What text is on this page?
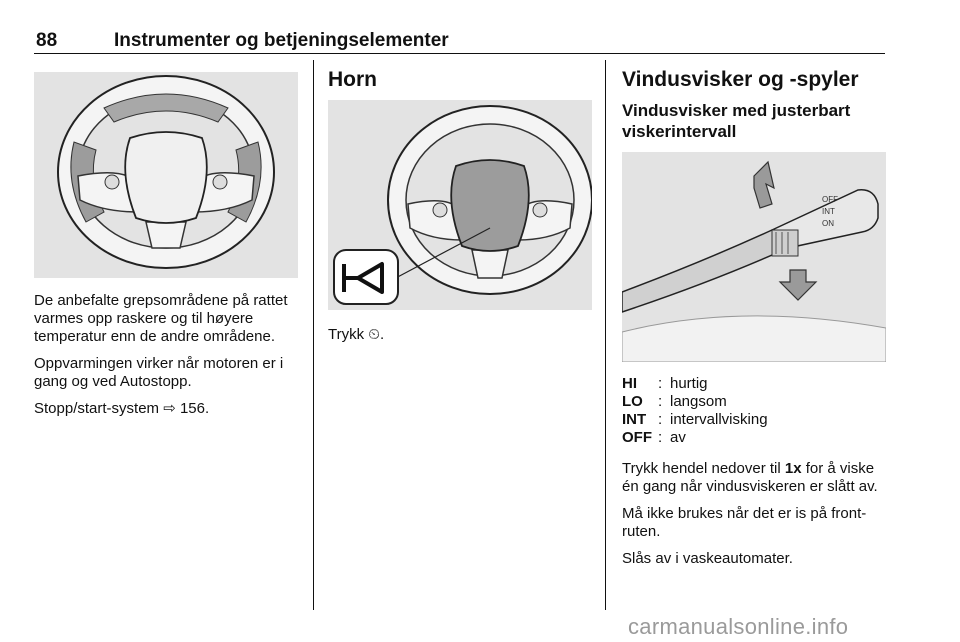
88	Instrumenter og betjeningselementer

De anbefalte grepsområdene på rattet varmes opp raskere og til høyere temperatur enn de andre områdene.

Oppvarmingen virker når motoren er i gang og ved Autostopp.

Stopp/start-system ⇨ 156.

Horn
Trykk ⏲.
Vindusvisker og -spyler
Vindusvisker med justerbart viskerintervall
OFF
INT
ON
HI	: hurtig
LO	: langsom
INT : intervallvisking
OFF : av

Trykk hendel nedover til 1x for å viske én gang når vindusviskeren er slått av.

Må ikke brukes når det er is på frontruten.

Slås av i vaskeautomater.

carmanualsonline.info
